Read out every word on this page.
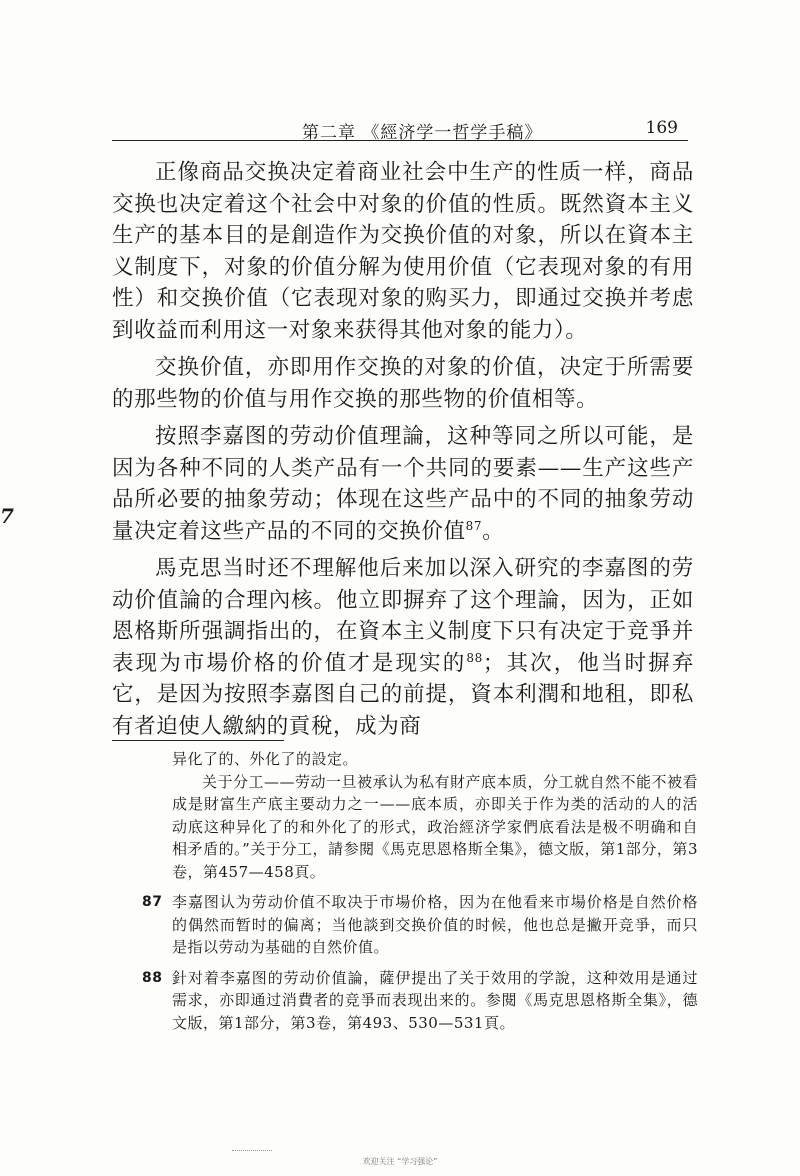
第二章 《經济学一哲学手稿》	169
7

正像商品交换决定着商业社会中生产的性质一样，商品交换也决定着这个社会中对象的价值的性质。既然資本主义生产的基本目的是創造作为交换价值的对象，所以在資本主义制度下，对象的价值分解为使用价值（它表现对象的有用性）和交换价值（它表现对象的购买力，即通过交换并考虑到收益而利用这一对象来获得其他对象的能力）。

交换价值，亦即用作交换的对象的价值，决定于所需要的那些物的价值与用作交换的那些物的价值相等。

按照李嘉图的劳动价值理論，这种等同之所以可能，是因为各种不同的人类产品有一个共同的要素——生产这些产品所必要的抽象劳动；体现在这些产品中的不同的抽象劳动量决定着这些产品的不同的交换价值$^{87}$。

馬克思当时还不理解他后来加以深入研究的李嘉图的劳动价值論的合理內核。他立即摒弃了这个理論，因为，正如恩格斯所强調指出的，在資本主义制度下只有决定于竞爭并表现为市場价格的价值才是现实的$^{88}$；其次，他当时摒弃它，是因为按照李嘉图自己的前提，資本利潤和地租，即私有者迫使人繳納的貢稅，成为商

异化了的、外化了的設定。

关于分工——劳动一旦被承认为私有財产底本质，分工就自然不能不被看成是財富生产底主要动力之一——底本质，亦即关于作为类的活动的人的活动底这种异化了的和外化了的形式，政治經济学家們底看法是极不明确和自相矛盾的。”关于分工，請参閱《馬克思恩格斯全集》，德文版，第1部分，第3卷，第457—458頁。

87 李嘉图认为劳动价值不取决于市場价格，因为在他看来市場价格是自然价格的偶然而暂时的偏离；当他談到交换价值的时候，他也总是撇开竞爭，而只是指以劳动为基础的自然价值。
88 針对着李嘉图的劳动价值論，薩伊提出了关于效用的学說，这种效用是通过需求，亦即通过消費者的竞爭而表现出来的。参閱《馬克思恩格斯全集》，德文版，第1部分，第3卷，第493、530—531頁。
欢迎关注 “学习强论”
